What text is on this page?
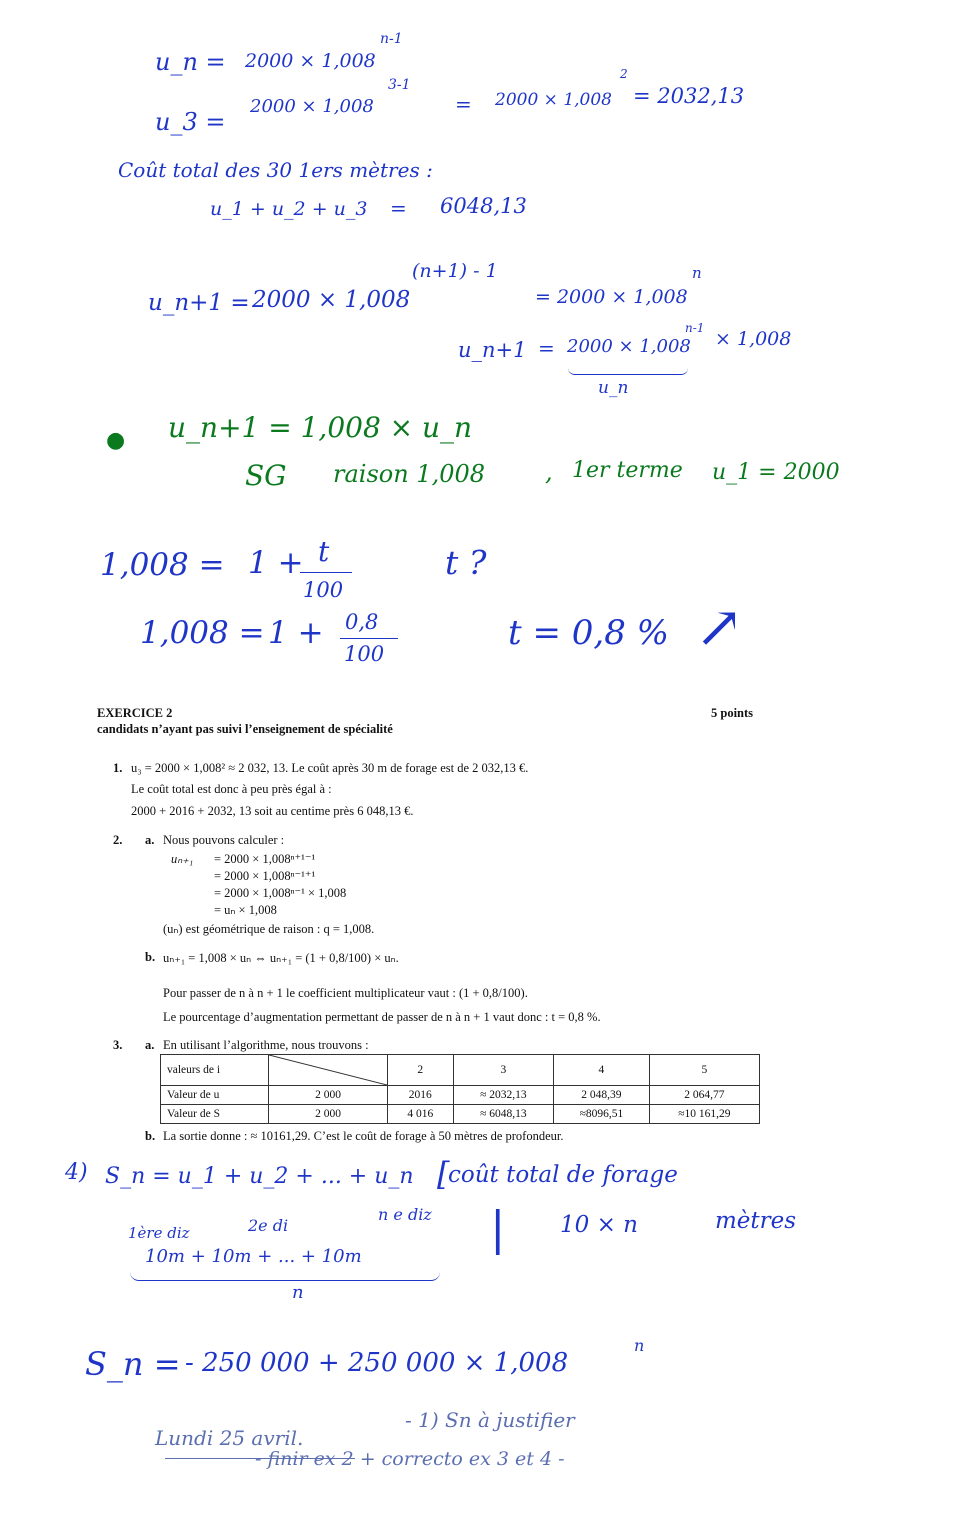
u_n = 2000 × 1,008
n-1
u_3 =
2000 × 1,008
3-1
= 2000 × 1,008
2
= 2032,13
Coût total des 30 1ers mètres :
u_1 + u_2 + u_3 = 6048,13
u_n+1 = 2000 × 1,008
(n+1) - 1
= 2000 × 1,008
n
u_n+1 = 2000 × 1,008
n-1 × 1,008
u_n
● u_n+1 = 1,008 × u_n
SG raison 1,008 , 1er terme u_1 = 2000
1,008 = 1 + t
100
t ?
1,008 = 1 + 0,8
100
t = 0,8 % ↗
EXERCICE 2	5 points
candidats n’ayant pas suivi l’enseignement de spécialité
1. u₃ = 2000 × 1,008² ≈ 2 032, 13. Le coût après 30 m de forage est de 2 032,13 €.
Le coût total est donc à peu près égal à :
2000 + 2016 + 2032, 13 soit au centime près 6 048,13 €.
2. a. Nous pouvons calculer :
uₙ₊₁ = 2000 × 1,008ⁿ⁺¹⁻¹
= 2000 × 1,008ⁿ⁻¹⁺¹
= 2000 × 1,008ⁿ⁻¹ × 1,008
= uₙ × 1,008
(uₙ) est géométrique de raison : q = 1,008.
b. uₙ₊₁ = 1,008 × uₙ ⇔ uₙ₊₁ = (1 + 0,8/100) × uₙ.
Pour passer de n à n + 1 le coefficient multiplicateur vaut : (1 + 0,8/100).
Le pourcentage d’augmentation permettant de passer de n à n + 1 vaut donc : t = 0,8 %.
3. a. En utilisant l’algorithme, nous trouvons :
valeurs de i		2	3	4	5
Valeur de u	2 000	2016	≈ 2032,13	2 048,39	2 064,77
Valeur de S	2 000	4 016	≈ 6048,13	≈8096,51	≈10 161,29
b. La sortie donne : ≈ 10161,29. C’est le coût de forage à 50 mètres de profondeur.
4) S_n = u_1 + u_2 + ... + u_n [
coût total de forage
| 10 × n	mètres
1ère diz	2e di
n e diz
10m + 10m + ... + 10m
n
S_n = - 250 000 + 250 000 × 1,008
n
Lundi 25 avril.
- 1) Sn à justifier
- finir ex 2 + correcto ex 3 et 4 -
